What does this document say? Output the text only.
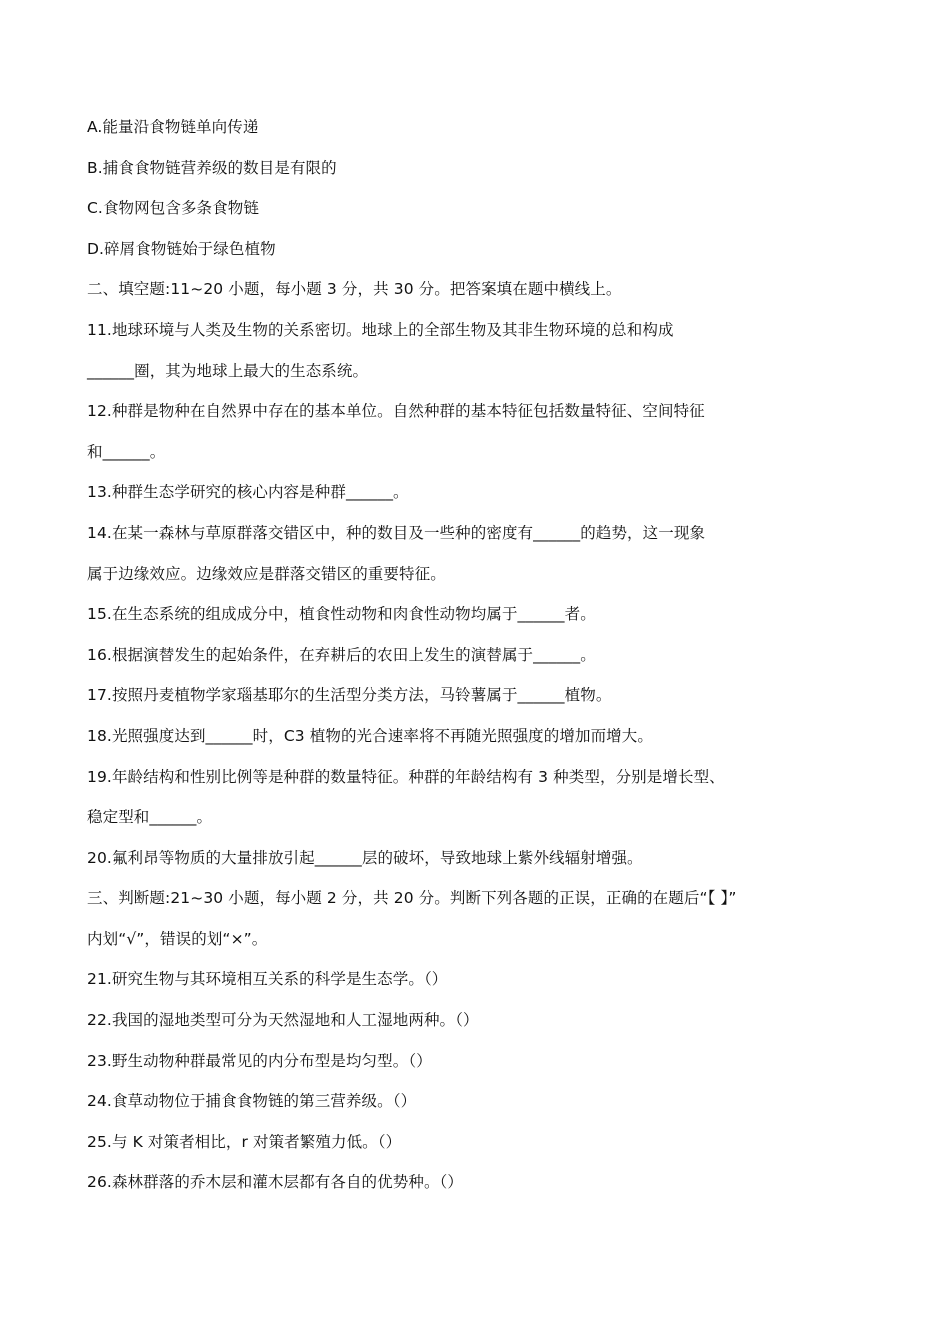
A.能量沿食物链单向传递
B.捕食食物链营养级的数目是有限的
C.食物网包含多条食物链
D.碎屑食物链始于绿色植物
二、填空题:11~20 小题，每小题 3 分，共 30 分。把答案填在题中横线上。
11.地球环境与人类及生物的关系密切。地球上的全部生物及其非生物环境的总和构成
______圈，其为地球上最大的生态系统。
12.种群是物种在自然界中存在的基本单位。自然种群的基本特征包括数量特征、空间特征
和______。
13.种群生态学研究的核心内容是种群______。
14.在某一森林与草原群落交错区中，种的数目及一些种的密度有______的趋势，这一现象
属于边缘效应。边缘效应是群落交错区的重要特征。
15.在生态系统的组成成分中，植食性动物和肉食性动物均属于______者。
16.根据演替发生的起始条件，在弃耕后的农田上发生的演替属于______。
17.按照丹麦植物学家瑙基耶尔的生活型分类方法，马铃薯属于______植物。
18.光照强度达到______时，C3 植物的光合速率将不再随光照强度的增加而增大。
19.年龄结构和性别比例等是种群的数量特征。种群的年龄结构有 3 种类型，分别是增长型、
稳定型和______。
20.氟利昂等物质的大量排放引起______层的破坏，导致地球上紫外线辐射增强。
三、判断题:21~30 小题，每小题 2 分，共 20 分。判断下列各题的正误，正确的在题后“【 】”
内划“√”，错误的划“×”。
21.研究生物与其环境相互关系的科学是生态学。（）
22.我国的湿地类型可分为天然湿地和人工湿地两种。（）
23.野生动物种群最常见的内分布型是均匀型。（）
24.食草动物位于捕食食物链的第三营养级。（）
25.与 K 对策者相比，r 对策者繁殖力低。（）
26.森林群落的乔木层和灌木层都有各自的优势种。（）
